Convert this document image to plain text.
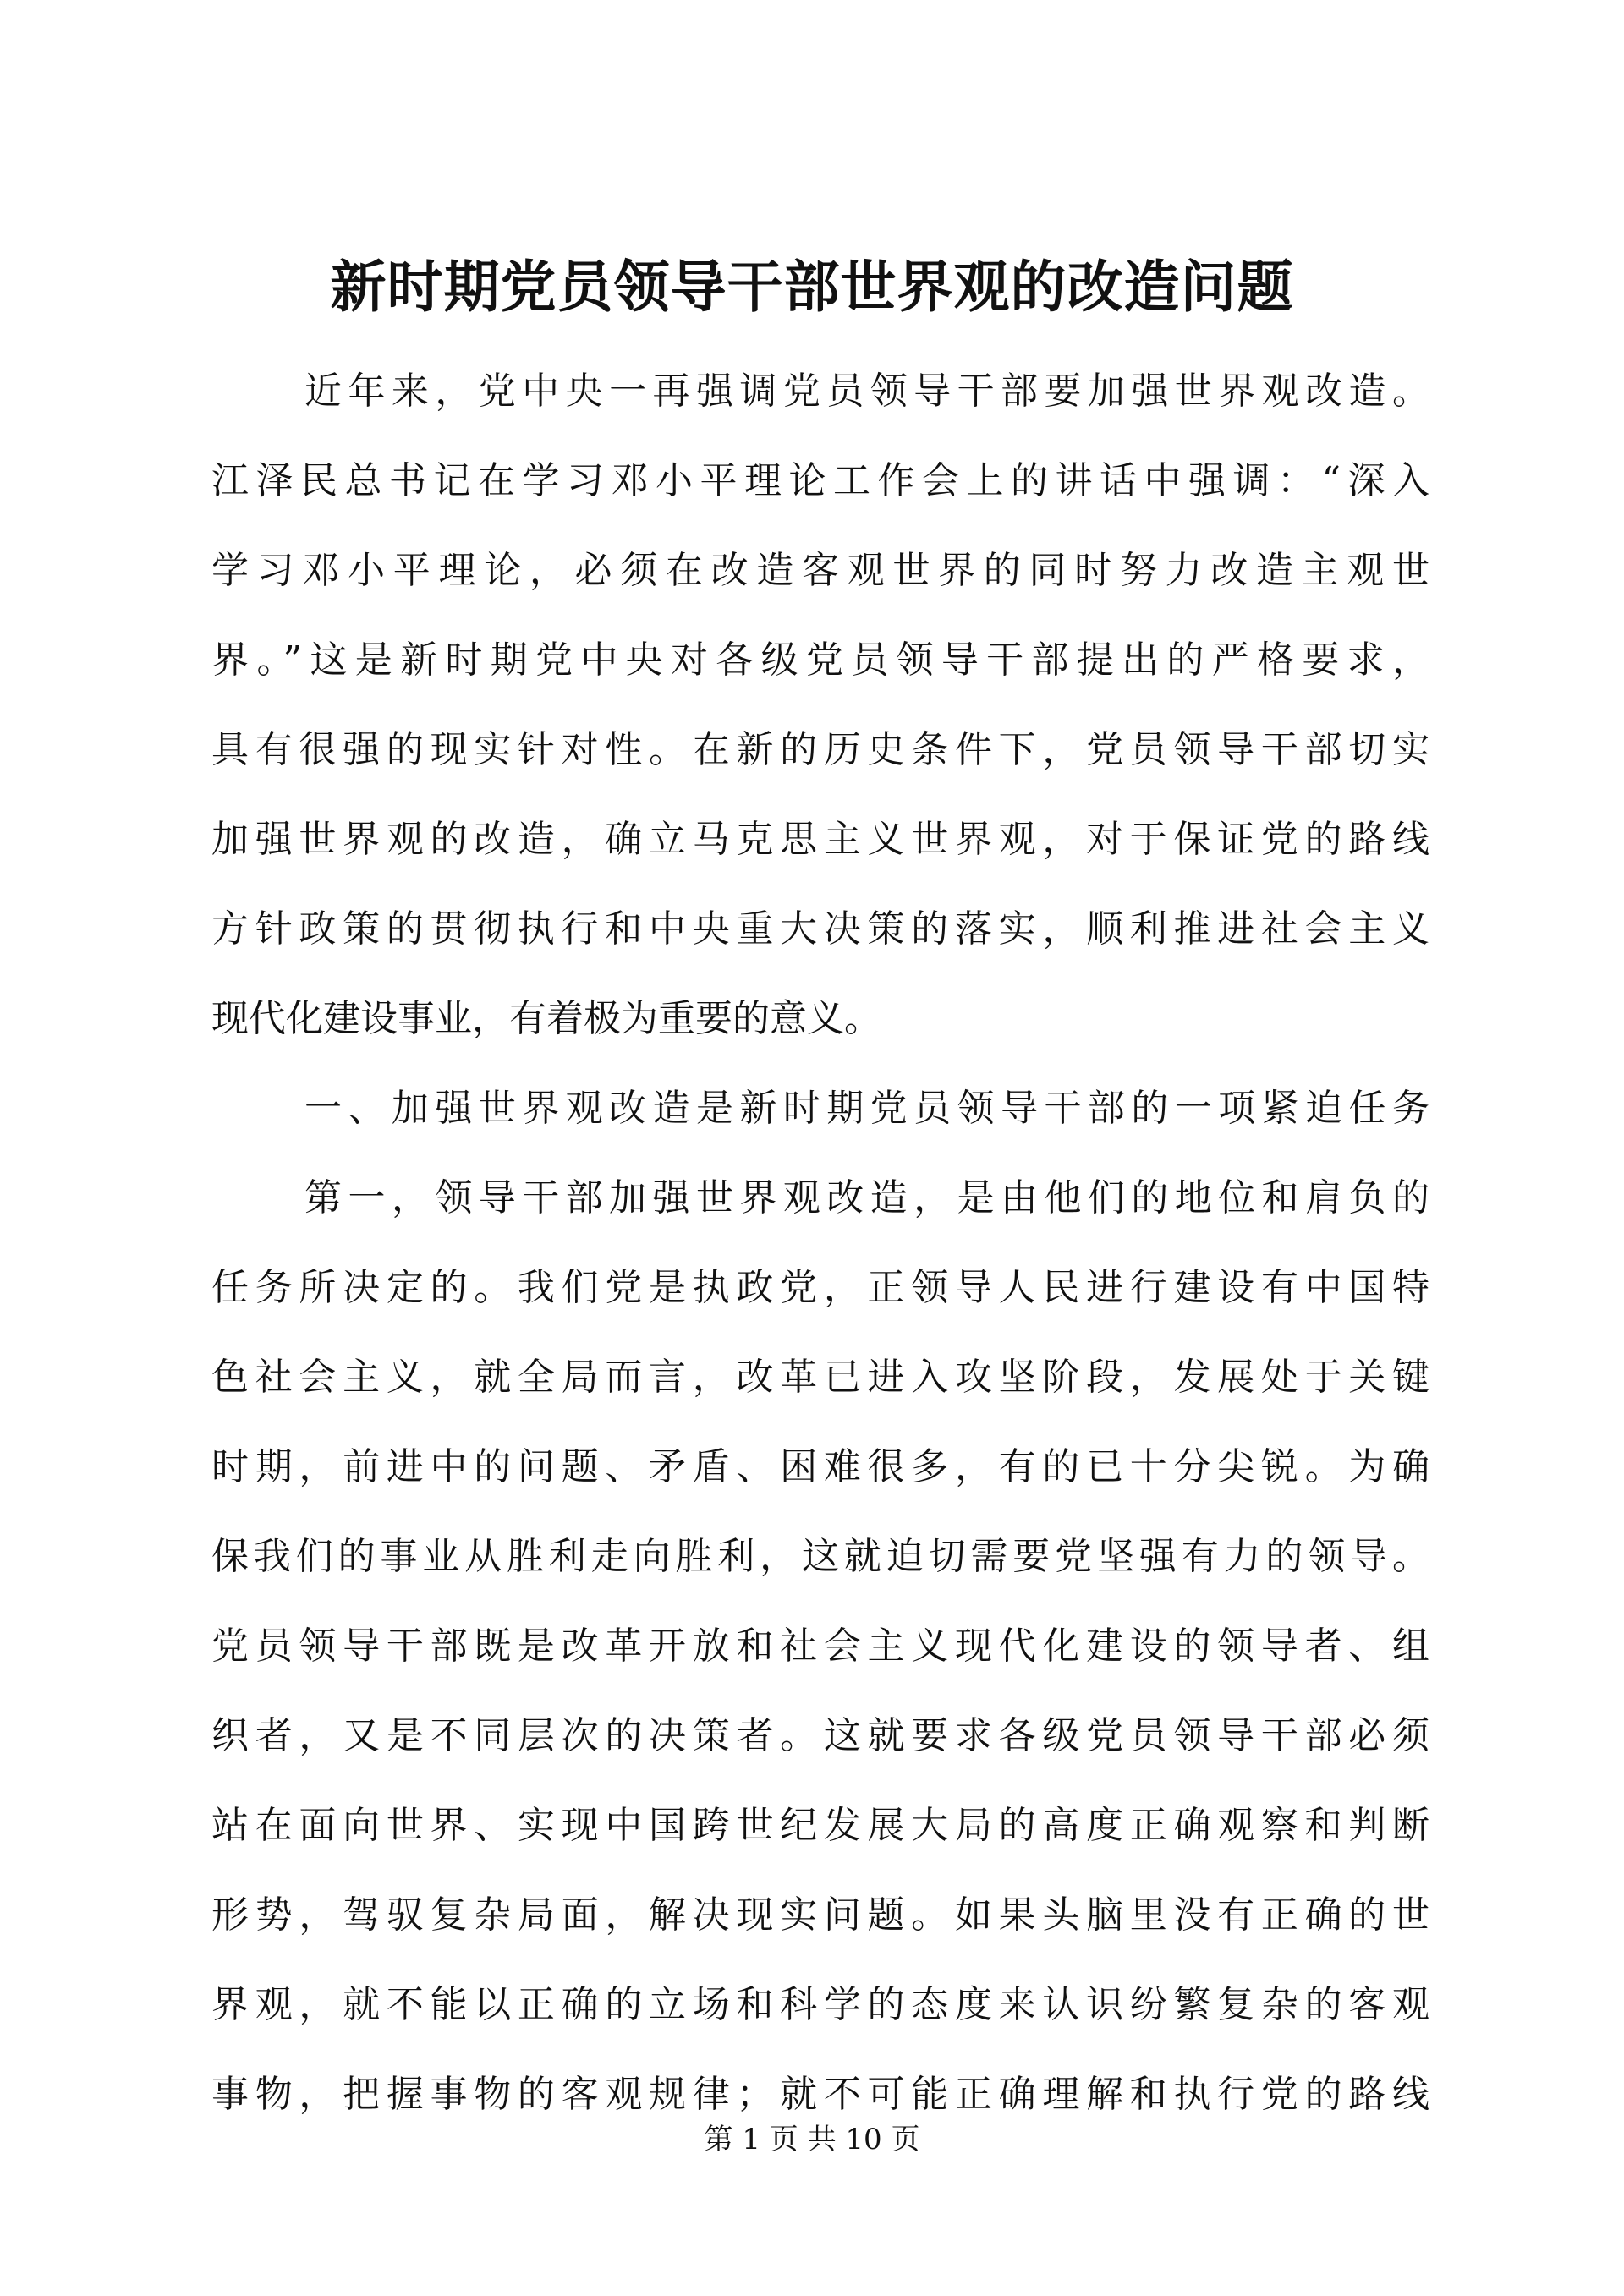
新时期党员领导干部世界观的改造问题
近年来，党中央一再强调党员领导干部要加强世界观改造。
江泽民总书记在学习邓小平理论工作会上的讲话中强调：“深入
学习邓小平理论，必须在改造客观世界的同时努力改造主观世
界。”这是新时期党中央对各级党员领导干部提出的严格要求，
具有很强的现实针对性。在新的历史条件下，党员领导干部切实
加强世界观的改造，确立马克思主义世界观，对于保证党的路线
方针政策的贯彻执行和中央重大决策的落实，顺利推进社会主义
现代化建设事业，有着极为重要的意义。
一、加强世界观改造是新时期党员领导干部的一项紧迫任务
第一，领导干部加强世界观改造，是由他们的地位和肩负的
任务所决定的。我们党是执政党，正领导人民进行建设有中国特
色社会主义，就全局而言，改革已进入攻坚阶段，发展处于关键
时期，前进中的问题、矛盾、困难很多，有的已十分尖锐。为确
保我们的事业从胜利走向胜利，这就迫切需要党坚强有力的领导。
党员领导干部既是改革开放和社会主义现代化建设的领导者、组
织者，又是不同层次的决策者。这就要求各级党员领导干部必须
站在面向世界、实现中国跨世纪发展大局的高度正确观察和判断
形势，驾驭复杂局面，解决现实问题。如果头脑里没有正确的世
界观，就不能以正确的立场和科学的态度来认识纷繁复杂的客观
事物，把握事物的客观规律；就不可能正确理解和执行党的路线
第 1 页 共 10 页
